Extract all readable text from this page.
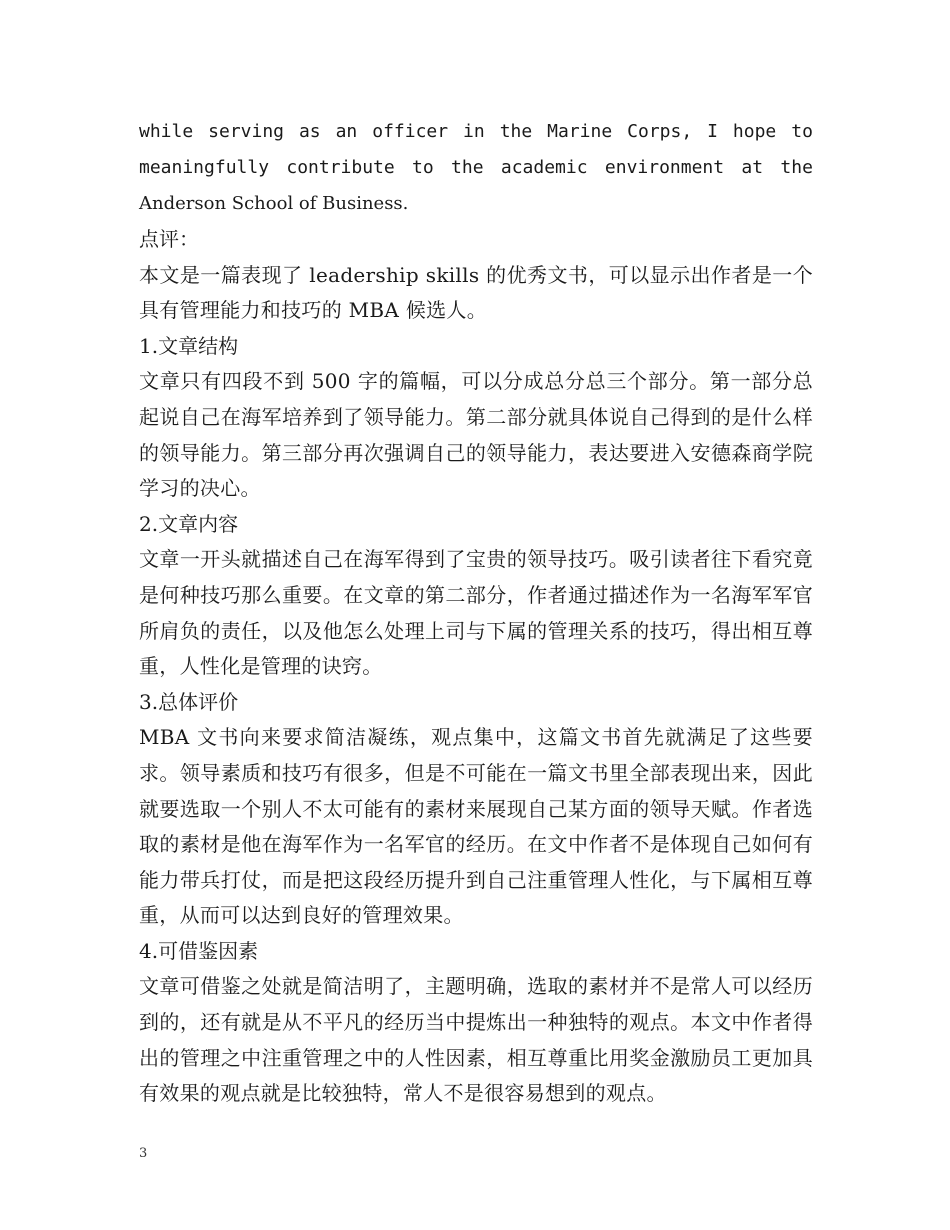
while serving as an officer in the Marine Corps, I hope to
meaningfully contribute to the academic environment at the
Anderson School of Business.

点评：

本文是一篇表现了 leadership skills 的优秀文书，可以显示出作者是一个具有管理能力和技巧的 MBA 候选人。

1.文章结构

文章只有四段不到 500 字的篇幅，可以分成总分总三个部分。第一部分总起说自己在海军培养到了领导能力。第二部分就具体说自己得到的是什么样的领导能力。第三部分再次强调自己的领导能力，表达要进入安德森商学院学习的决心。

2.文章内容

文章一开头就描述自己在海军得到了宝贵的领导技巧。吸引读者往下看究竟是何种技巧那么重要。在文章的第二部分，作者通过描述作为一名海军军官所肩负的责任，以及他怎么处理上司与下属的管理关系的技巧，得出相互尊重，人性化是管理的诀窍。

3.总体评价

MBA 文书向来要求简洁凝练，观点集中，这篇文书首先就满足了这些要求。领导素质和技巧有很多，但是不可能在一篇文书里全部表现出来，因此就要选取一个别人不太可能有的素材来展现自己某方面的领导天赋。作者选取的素材是他在海军作为一名军官的经历。在文中作者不是体现自己如何有能力带兵打仗，而是把这段经历提升到自己注重管理人性化，与下属相互尊重，从而可以达到良好的管理效果。

4.可借鉴因素

文章可借鉴之处就是简洁明了，主题明确，选取的素材并不是常人可以经历到的，还有就是从不平凡的经历当中提炼出一种独特的观点。本文中作者得出的管理之中注重管理之中的人性因素，相互尊重比用奖金激励员工更加具有效果的观点就是比较独特，常人不是很容易想到的观点。

3
